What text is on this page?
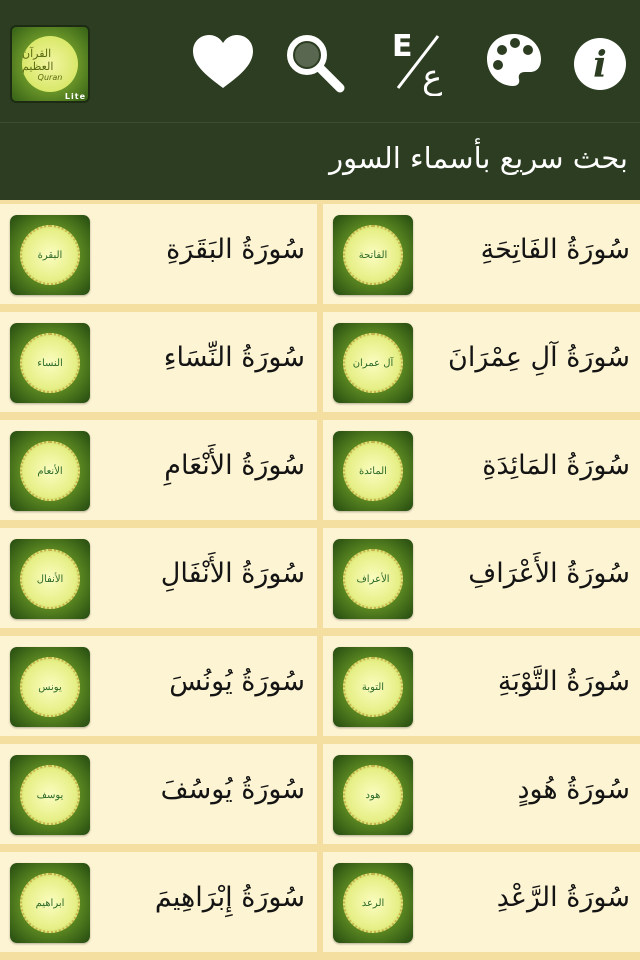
القرآن العظيم
Quran
Lite
E
ع	i
بحث سريع بأسماء السور
الفاتحة	سُورَةُ الفَاتِحَةِ
البقرة	سُورَةُ البَقَرَةِ
آل عمران	سُورَةُ آلِ عِمْرَانَ
النساء	سُورَةُ النِّسَاءِ
المائدة	سُورَةُ المَائِدَةِ
الأنعام	سُورَةُ الأَنْعَامِ
الأعراف	سُورَةُ الأَعْرَافِ
الأنفال	سُورَةُ الأَنْفَالِ
التوبة	سُورَةُ التَّوْبَةِ
يونس	سُورَةُ يُونُسَ
هود	سُورَةُ هُودٍ
يوسف	سُورَةُ يُوسُفَ
الرعد	سُورَةُ الرَّعْدِ
ابراهيم	سُورَةُ إِبْرَاهِيمَ
